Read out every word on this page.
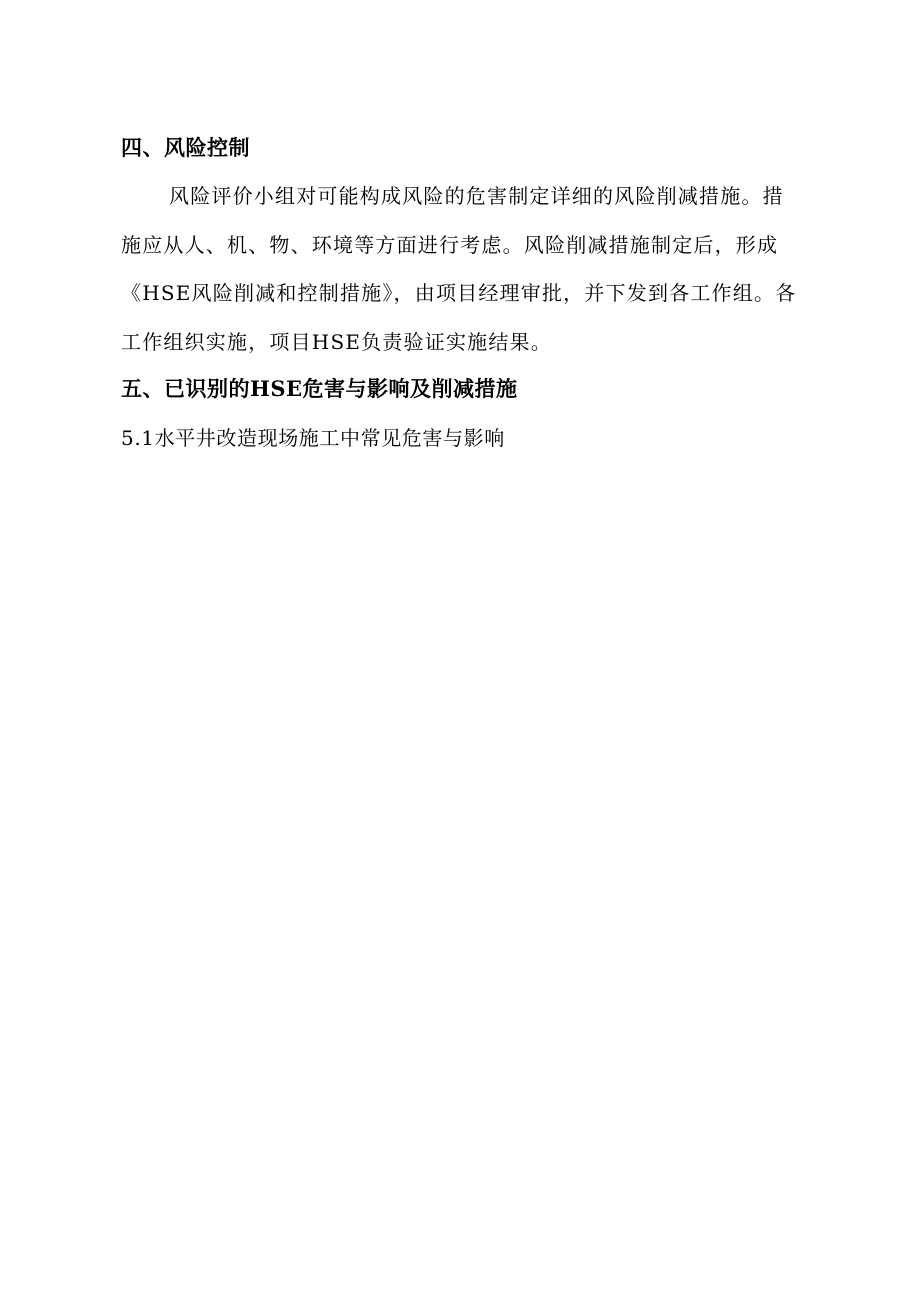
四、风险控制
风险评价小组对可能构成风险的危害制定详细的风险削减措施。措
施应从人、机、物、环境等方面进行考虑。风险削减措施制定后，形成
《HSE风险削减和控制措施》，由项目经理审批，并下发到各工作组。各
工作组织实施，项目HSE负责验证实施结果。
五、已识别的HSE危害与影响及削减措施
5.1水平井改造现场施工中常见危害与影响
